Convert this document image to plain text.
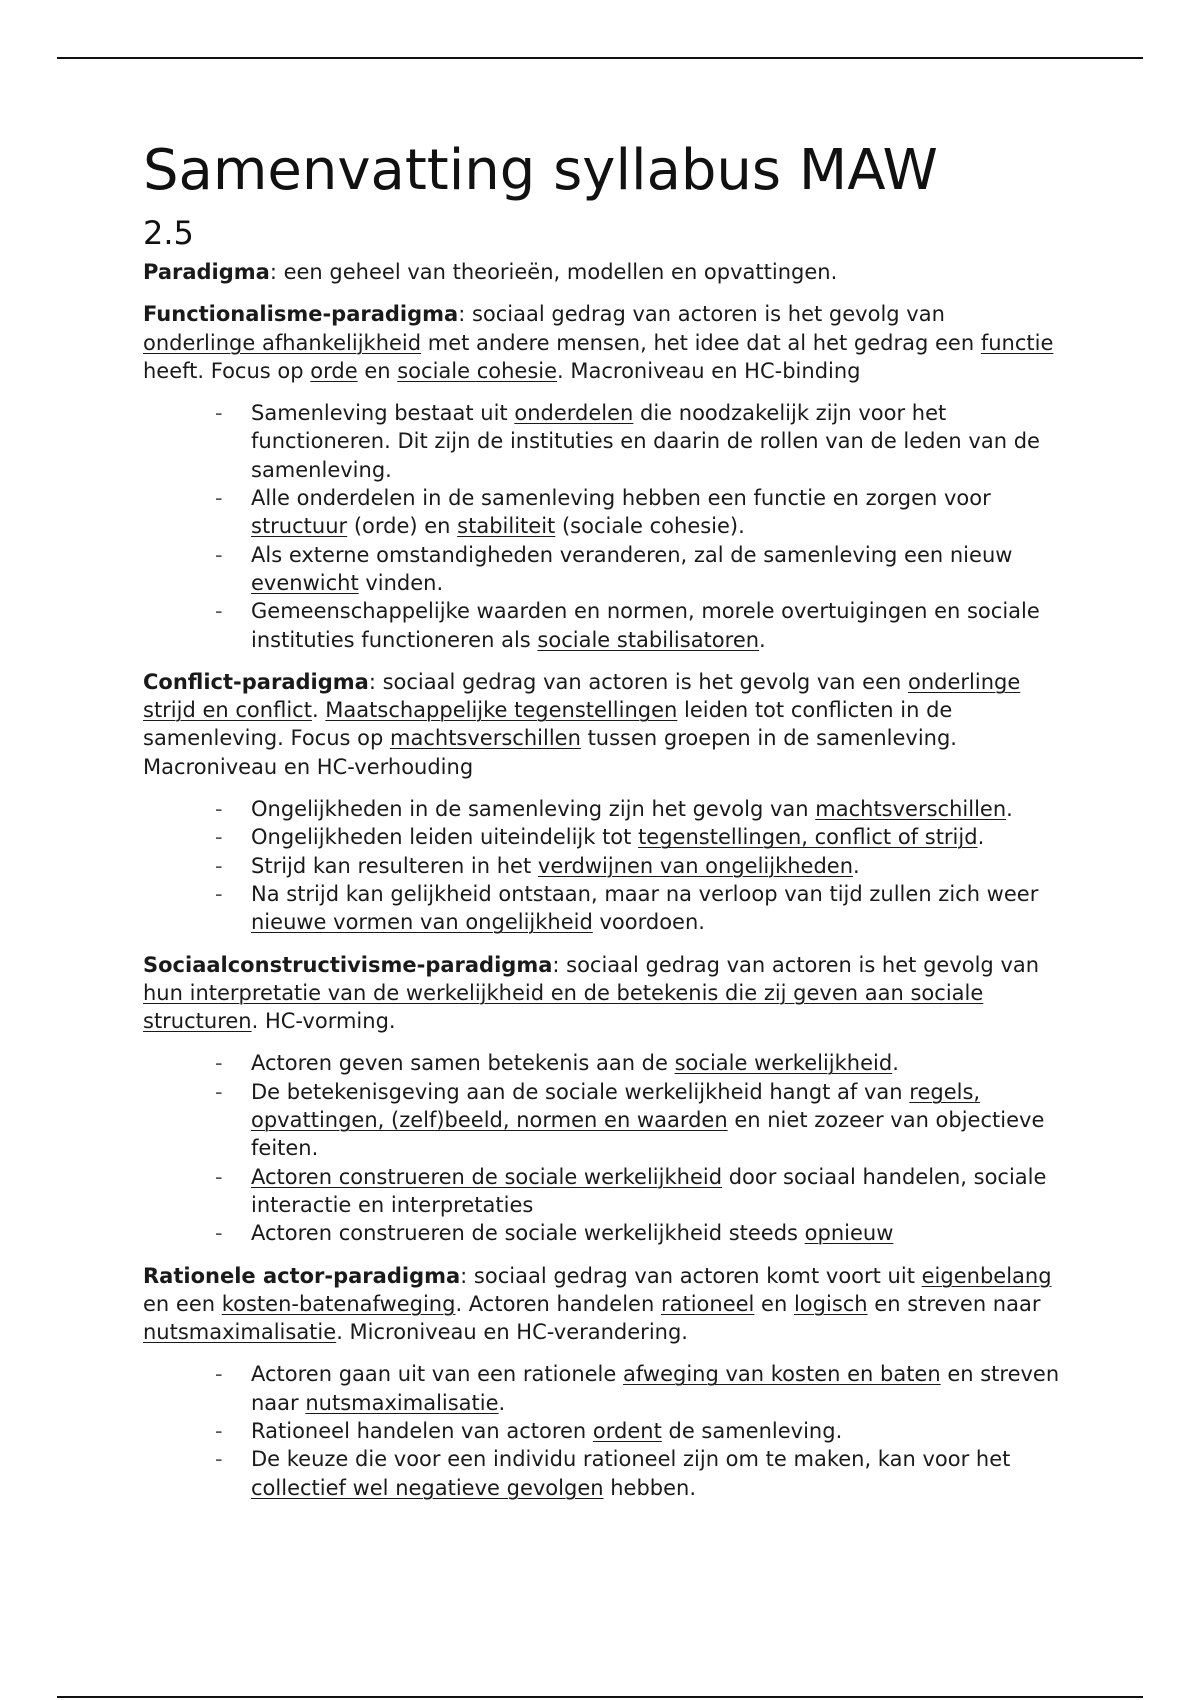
Samenvatting syllabus MAW
2.5

Paradigma: een geheel van theorieën, modellen en opvattingen.

Functionalisme-paradigma: sociaal gedrag van actoren is het gevolg van onderlinge afhankelijkheid met andere mensen, het idee dat al het gedrag een functie heeft. Focus op orde en sociale cohesie. Macroniveau en HC-binding

- Samenleving bestaat uit onderdelen die noodzakelijk zijn voor het functioneren. Dit zijn de instituties en daarin de rollen van de leden van de samenleving.
- Alle onderdelen in de samenleving hebben een functie en zorgen voor structuur (orde) en stabiliteit (sociale cohesie).
- Als externe omstandigheden veranderen, zal de samenleving een nieuw evenwicht vinden.
- Gemeenschappelijke waarden en normen, morele overtuigingen en sociale instituties functioneren als sociale stabilisatoren.

Conflict-paradigma: sociaal gedrag van actoren is het gevolg van een onderlinge strijd en conflict. Maatschappelijke tegenstellingen leiden tot conflicten in de samenleving. Focus op machtsverschillen tussen groepen in de samenleving. Macroniveau en HC-verhouding

- Ongelijkheden in de samenleving zijn het gevolg van machtsverschillen.
- Ongelijkheden leiden uiteindelijk tot tegenstellingen, conflict of strijd.
- Strijd kan resulteren in het verdwijnen van ongelijkheden.
- Na strijd kan gelijkheid ontstaan, maar na verloop van tijd zullen zich weer nieuwe vormen van ongelijkheid voordoen.

Sociaalconstructivisme-paradigma: sociaal gedrag van actoren is het gevolg van hun interpretatie van de werkelijkheid en de betekenis die zij geven aan sociale structuren. HC-vorming.

- Actoren geven samen betekenis aan de sociale werkelijkheid.
- De betekenisgeving aan de sociale werkelijkheid hangt af van regels, opvattingen, (zelf)beeld, normen en waarden en niet zozeer van objectieve feiten.
- Actoren construeren de sociale werkelijkheid door sociaal handelen, sociale interactie en interpretaties
- Actoren construeren de sociale werkelijkheid steeds opnieuw

Rationele actor-paradigma: sociaal gedrag van actoren komt voort uit eigenbelang en een kosten-batenafweging. Actoren handelen rationeel en logisch en streven naar nutsmaximalisatie. Microniveau en HC-verandering.

- Actoren gaan uit van een rationele afweging van kosten en baten en streven naar nutsmaximalisatie.
- Rationeel handelen van actoren ordent de samenleving.
- De keuze die voor een individu rationeel zijn om te maken, kan voor het collectief wel negatieve gevolgen hebben.
